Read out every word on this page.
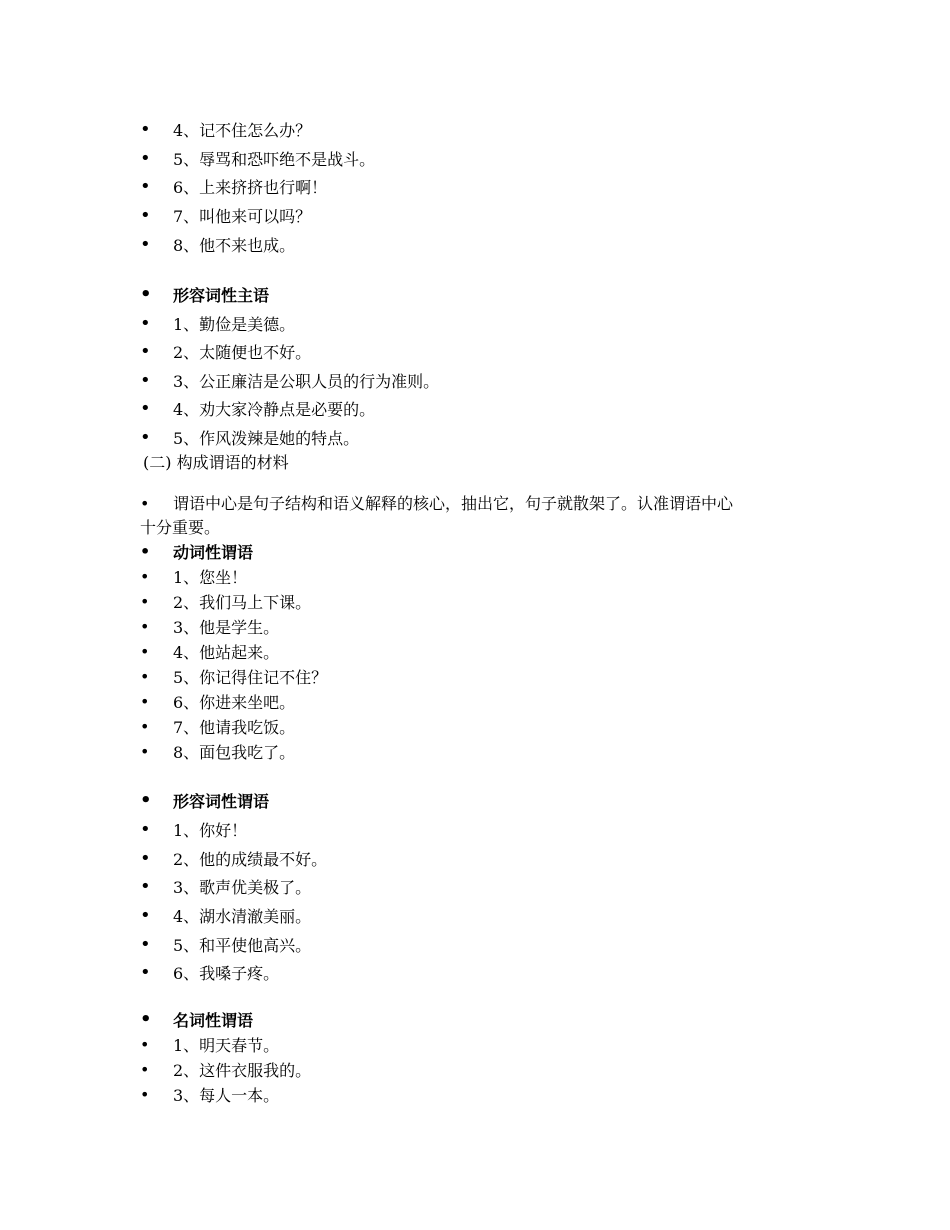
•	4、记不住怎么办？
•	5、辱骂和恐吓绝不是战斗。
•	6、上来挤挤也行啊！
•	7、叫他来可以吗？
•	8、他不来也成。
•	形容词性主语
•	1、勤俭是美德。
•	2、太随便也不好。
•	3、公正廉洁是公职人员的行为准则。
•	4、劝大家冷静点是必要的。
•	5、作风泼辣是她的特点。
(二) 构成谓语的材料
•	谓语中心是句子结构和语义解释的核心，抽出它，句子就散架了。认准谓语中心
十分重要。
•	动词性谓语
•	1、您坐！
•	2、我们马上下课。
•	3、他是学生。
•	4、他站起来。
•	5、你记得住记不住？
•	6、你进来坐吧。
•	7、他请我吃饭。
•	8、面包我吃了。
•	形容词性谓语
•	1、你好！
•	2、他的成绩最不好。
•	3、歌声优美极了。
•	4、湖水清澈美丽。
•	5、和平使他高兴。
•	6、我嗓子疼。
•	名词性谓语
•	1、明天春节。
•	2、这件衣服我的。
•	3、每人一本。
